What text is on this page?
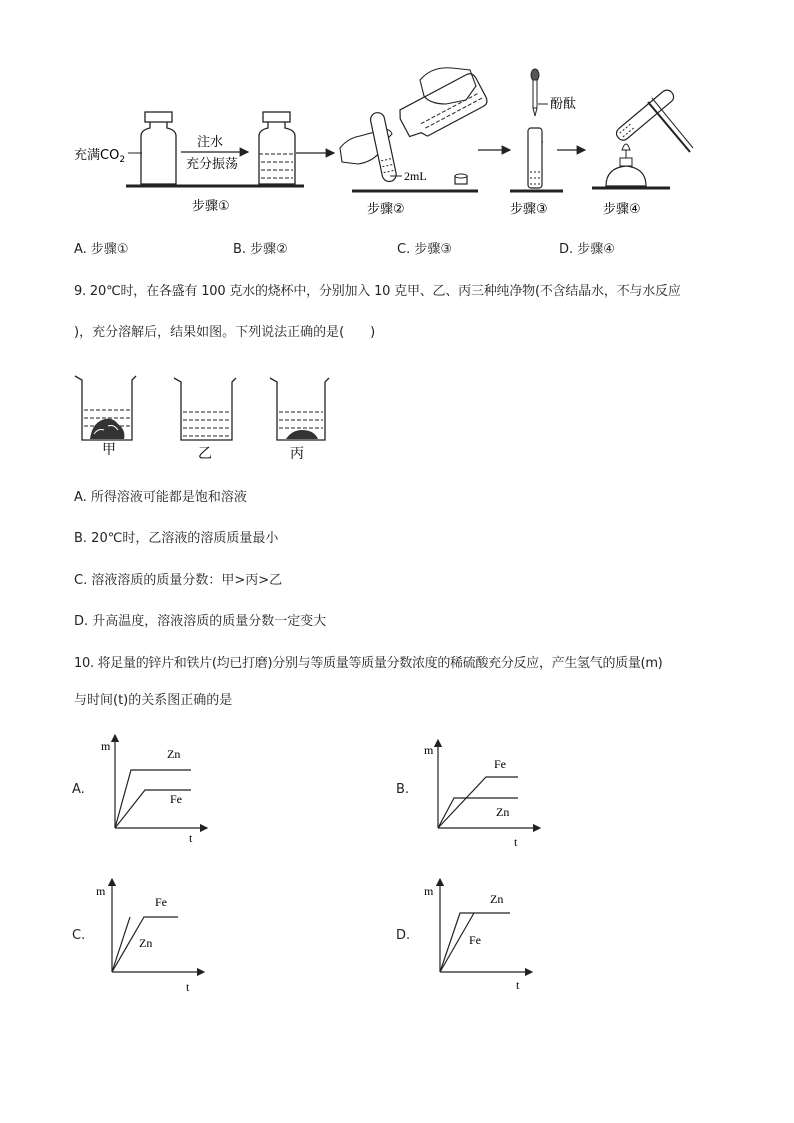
充满$CO_2$
注水
充分振荡
步骤①
2mL
步骤②
酚酞
步骤③	步骤④
A. 步骤①	B. 步骤②	C. 步骤③	D. 步骤④
9. 20℃时，在各盛有 100 克水的烧杯中，分别加入 10 克甲、乙、丙三种纯净物(不含结晶水，不与水反应
)，充分溶解后，结果如图。下列说法正确的是(　　)
甲	乙	丙
A. 所得溶液可能都是饱和溶液
B. 20℃时，乙溶液的溶质质量最小
C. 溶液溶质的质量分数：甲>丙>乙
D. 升高温度，溶液溶质的质量分数一定变大
10. 将足量的锌片和铁片(均已打磨)分别与等质量等质量分数浓度的稀硫酸充分反应，产生氢气的质量(m)
与时间(t)的关系图正确的是
A.
m
t
Zn
Fe
B.
m
t
Fe
Zn
C.
m
t
Fe
Zn	D.
m
t
Zn
Fe
